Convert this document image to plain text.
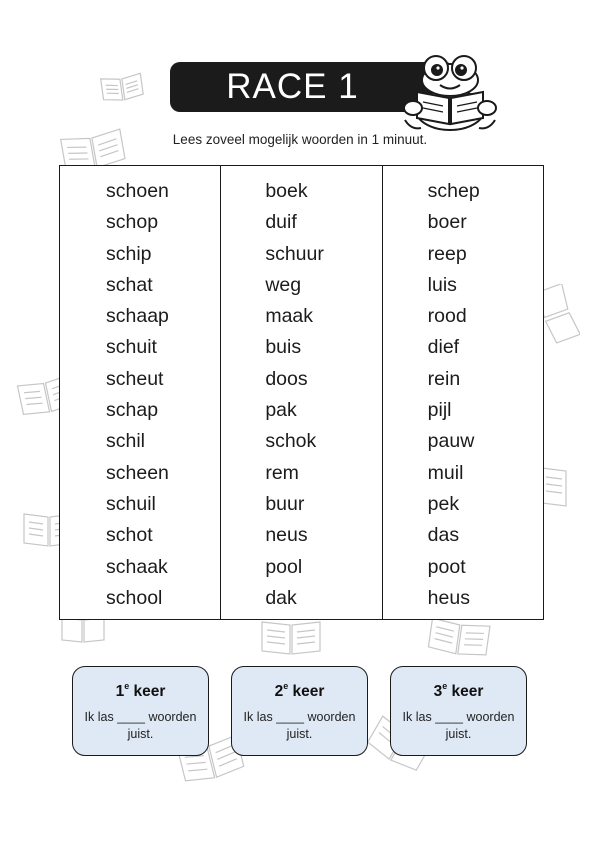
RACE 1
Lees zoveel mogelijk woorden in 1 minuut.
schoen
schop
schip
schat
schaap
schuit
scheut
schap
schil
scheen
schuil
schot
schaak
school
boek
duif
schuur
weg
maak
buis
doos
pak
schok
rem
buur
neus
pool
dak
schep
boer
reep
luis
rood
dief
rein
pijl
pauw
muil
pek
das
poot
heus
1e keer
Ik las ____ woorden juist.
2e keer
Ik las ____ woorden juist.
3e keer
Ik las ____ woorden juist.
